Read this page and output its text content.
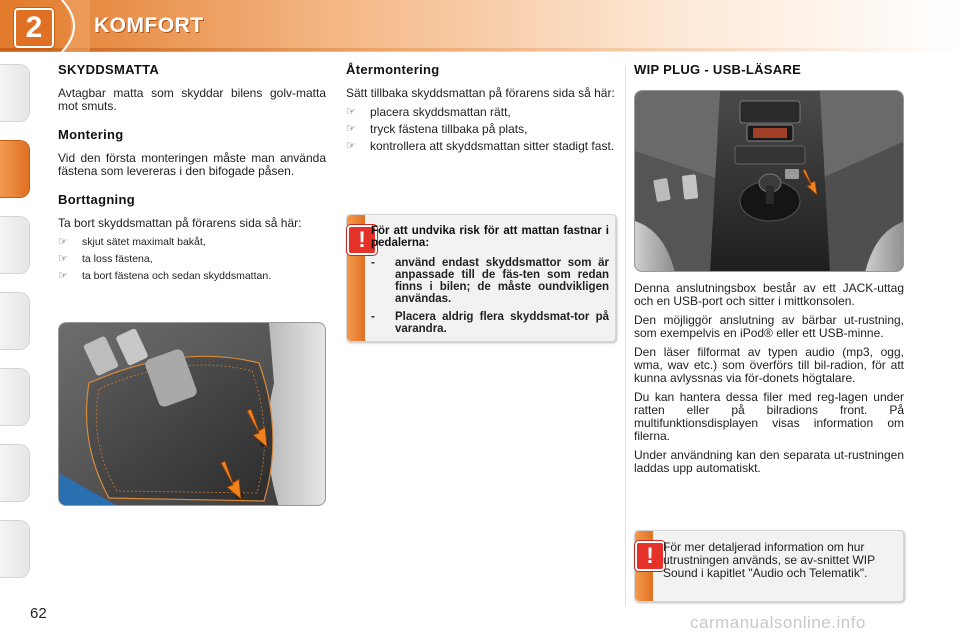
2	KOMFORT
SKYDDSMATTA

Avtagbar matta som skyddar bilens golv-matta mot smuts.

Montering

Vid den första monteringen måste man använda fästena som levereras i den bifogade påsen.

Borttagning

Ta bort skyddsmattan på förarens sida så här:

☞	skjut sätet maximalt bakåt,
☞	ta loss fästena,
☞	ta bort fästena och sedan skyddsmattan.
Återmontering

Sätt tillbaka skyddsmattan på förarens sida så här:

☞	placera skyddsmattan rätt,
☞	tryck fästena tillbaka på plats,
☞	kontrollera att skyddsmattan sitter stadigt fast.
! För att undvika risk för att mattan fastnar i pedalerna:
-	använd endast skyddsmattor som är anpassade till de fäs-ten som redan finns i bilen; de måste oundvikligen användas.
-	Placera aldrig flera skyddsmat-tor på varandra.
WIP PLUG - USB-LÄSARE

Denna anslutningsbox består av ett JACK-uttag och en USB-port och sitter i mittkonsolen.

Den möjliggör anslutning av bärbar ut-rustning, som exempelvis en iPod® eller ett USB-minne.

Den läser filformat av typen audio (mp3, ogg, wma, wav etc.) som överförs till bil-radion, för att kunna avlyssnas via för-donets högtalare.

Du kan hantera dessa filer med reg-lagen under ratten eller på bilradions front. På multifunktionsdisplayen visas information om filerna.

Under användning kan den separata ut-rustningen laddas upp automatiskt.

! För mer detaljerad information om hur utrustningen används, se av-snittet WIP Sound i kapitlet "Audio och Telematik".
62	carmanualsonline.info
